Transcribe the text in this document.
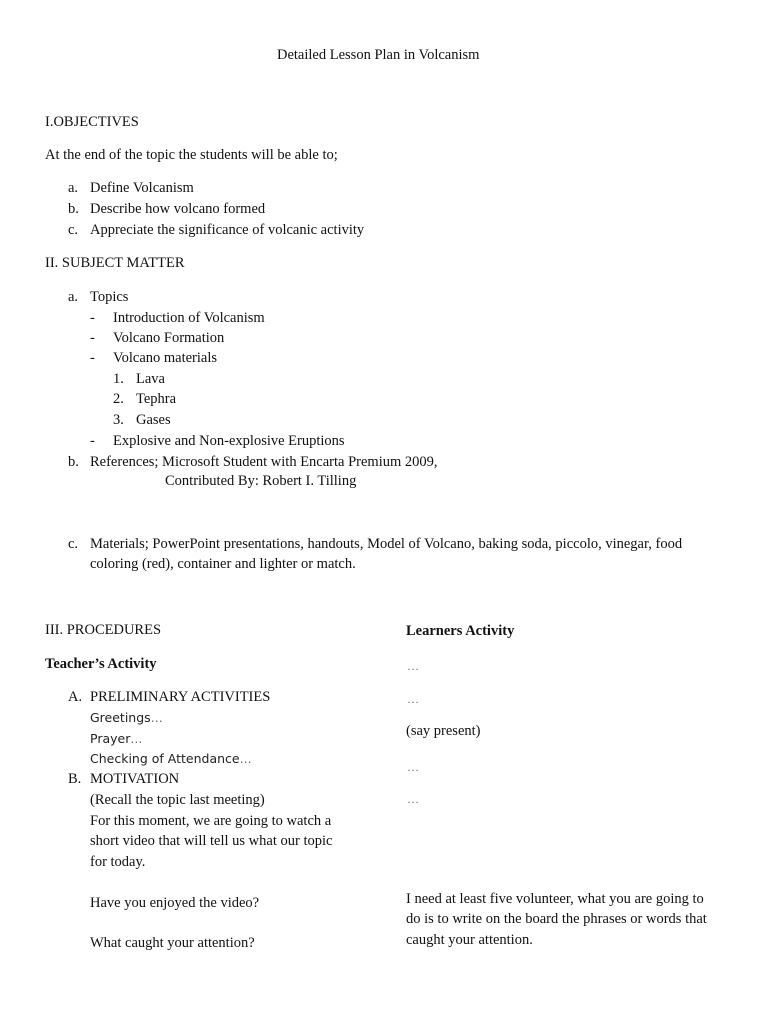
Detailed Lesson Plan in Volcanism
I.OBJECTIVES
At the end of the topic the students will be able to;
a. Define Volcanism
b. Describe how volcano formed
c. Appreciate the significance of volcanic activity
II. SUBJECT MATTER
a. Topics
- Introduction of Volcanism
- Volcano Formation
- Volcano materials
1. Lava
2. Tephra
3. Gases
- Explosive and Non-explosive Eruptions
b. References; Microsoft Student with Encarta Premium 2009,
Contributed By: Robert I. Tilling
c. Materials; PowerPoint presentations, handouts, Model of Volcano, baking soda, piccolo, vinegar, food
coloring (red), container and lighter or match.
III. PROCEDURES	Learners Activity
Teacher’s Activity
A. PRELIMINARY ACTIVITIES
Greetings…
Prayer…
Checking of Attendance…
B. MOTIVATION
(Recall the topic last meeting)
For this moment, we are going to watch a
short video that will tell us what our topic
for today.
Have you enjoyed the video?
What caught your attention?
…
…
(say present)
…
…
I need at least five volunteer, what you are going to
do is to write on the board the phrases or words that
caught your attention.
